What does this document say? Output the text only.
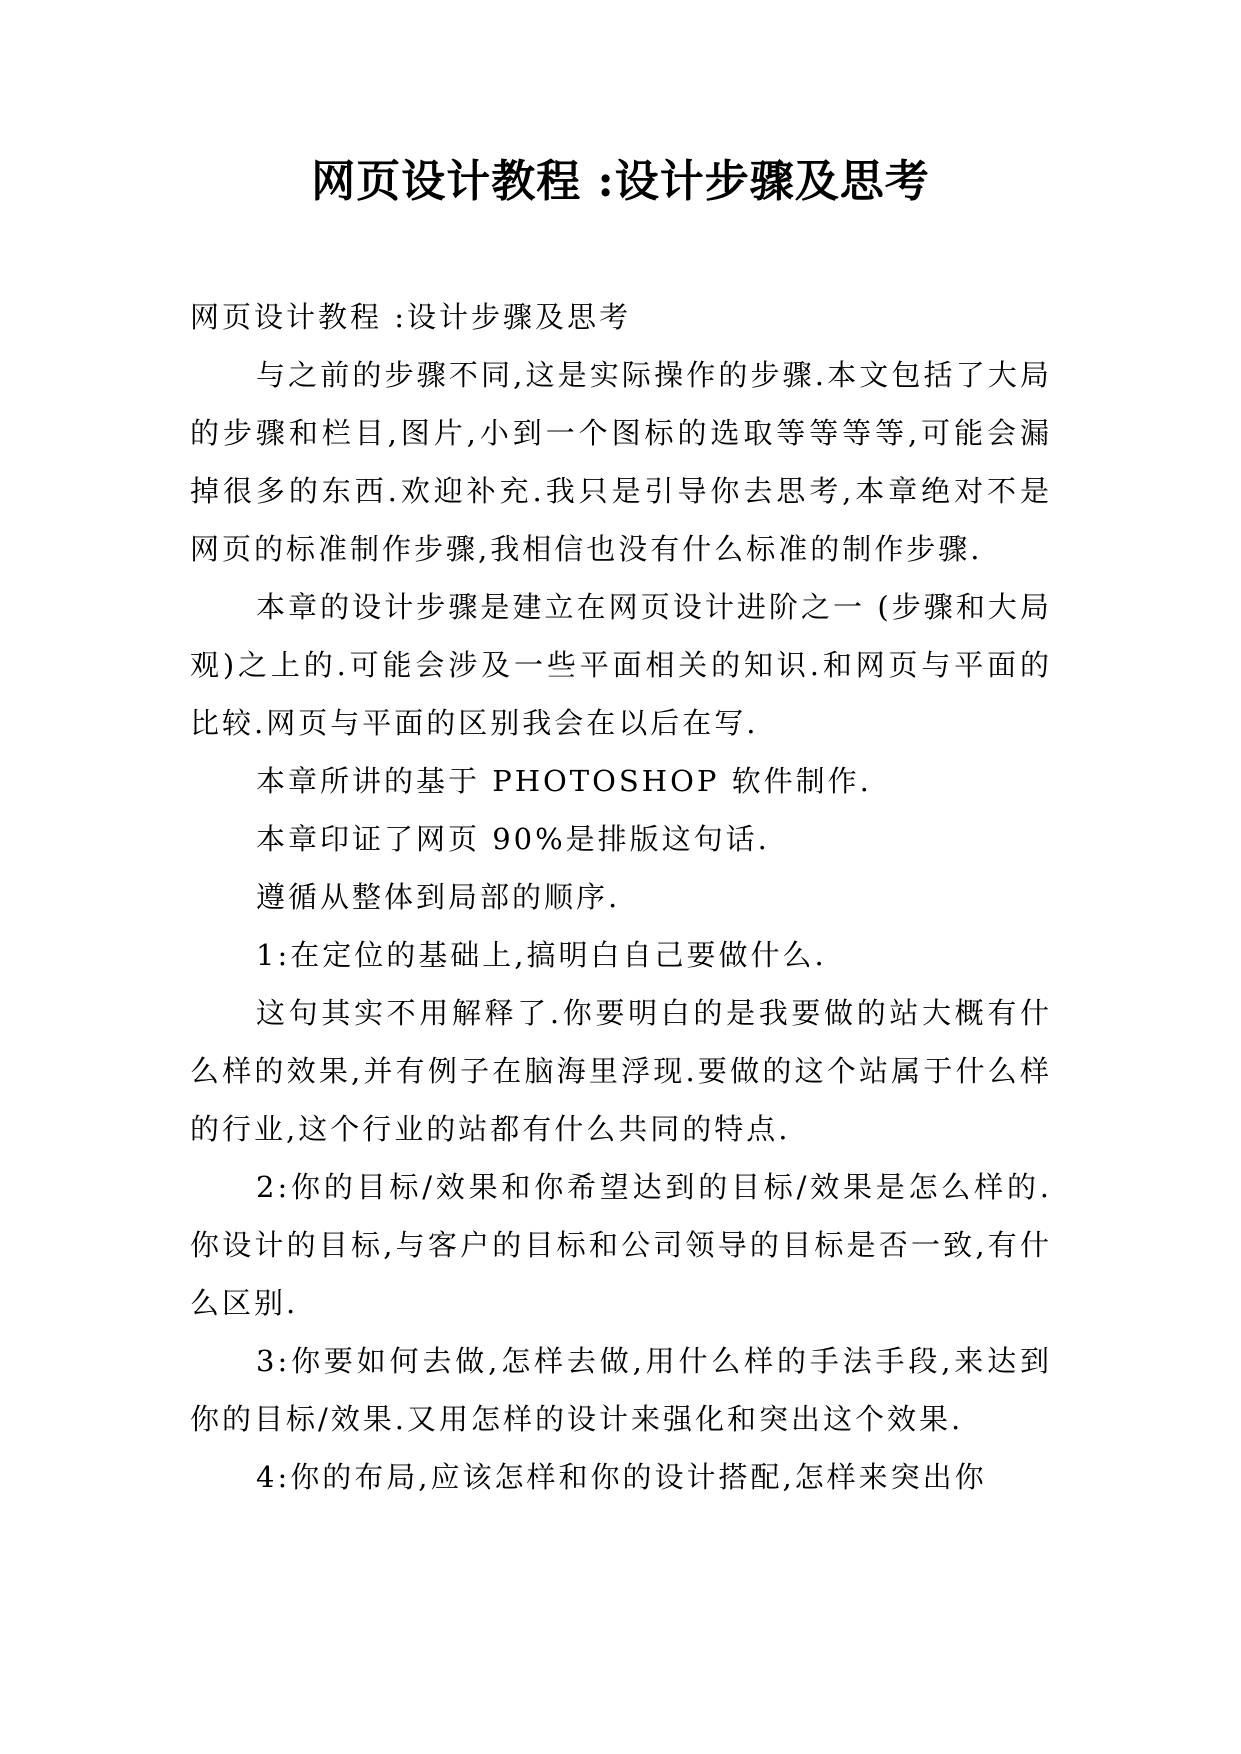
网页设计教程 :设计步骤及思考

网页设计教程 :设计步骤及思考

与之前的步骤不同,这是实际操作的步骤.本文包括了大局的步骤和栏目,图片,小到一个图标的选取等等等等,可能会漏掉很多的东西.欢迎补充.我只是引导你去思考,本章绝对不是网页的标准制作步骤,我相信也没有什么标准的制作步骤.

本章的设计步骤是建立在网页设计进阶之一 (步骤和大局观)之上的.可能会涉及一些平面相关的知识.和网页与平面的比较.网页与平面的区别我会在以后在写.

本章所讲的基于 PHOTOSHOP 软件制作.

本章印证了网页 90%是排版这句话.

遵循从整体到局部的顺序.

1:在定位的基础上,搞明白自己要做什么.

这句其实不用解释了.你要明白的是我要做的站大概有什么样的效果,并有例子在脑海里浮现.要做的这个站属于什么样的行业,这个行业的站都有什么共同的特点.

2:你的目标/效果和你希望达到的目标/效果是怎么样的.你设计的目标,与客户的目标和公司领导的目标是否一致,有什么区别.

3:你要如何去做,怎样去做,用什么样的手法手段,来达到你的目标/效果.又用怎样的设计来强化和突出这个效果.

4:你的布局,应该怎样和你的设计搭配,怎样来突出你
